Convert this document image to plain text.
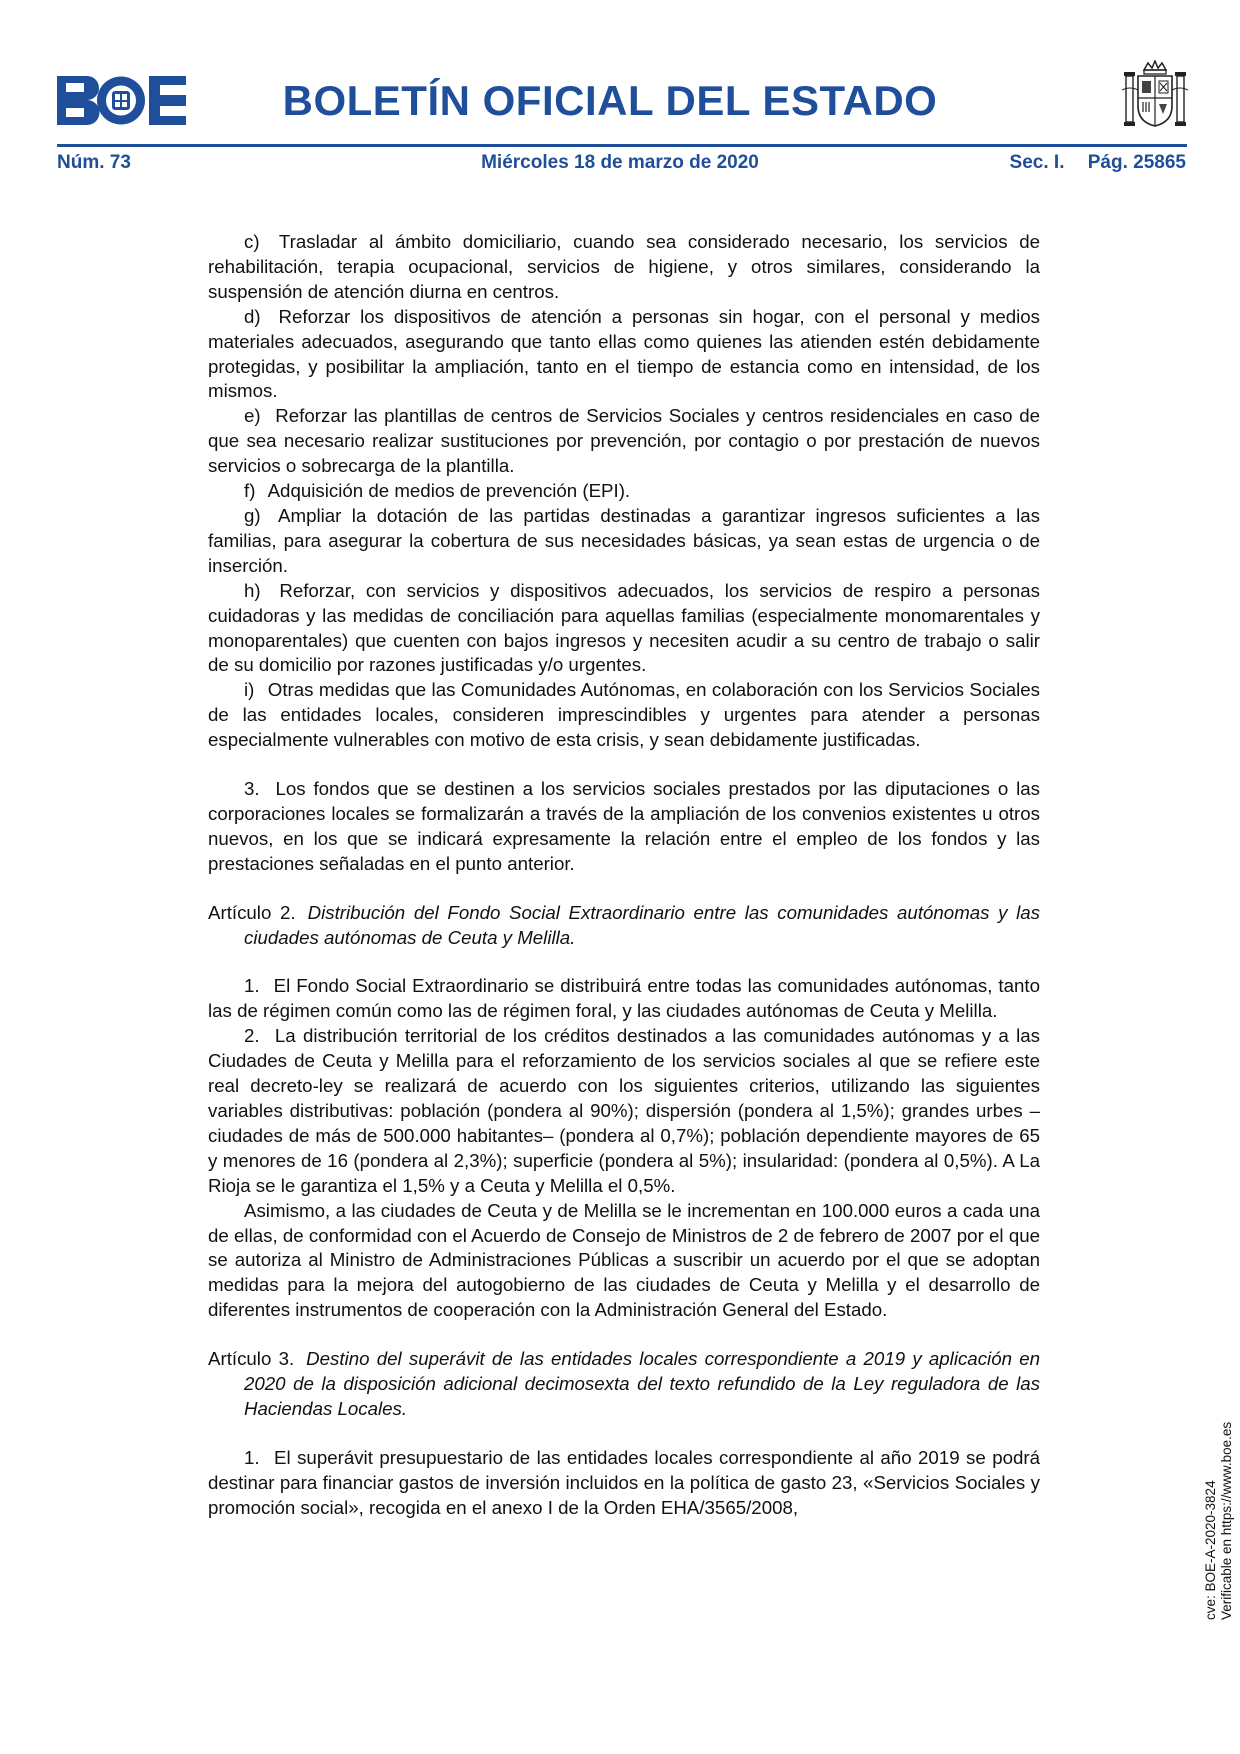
BOLETÍN OFICIAL DEL ESTADO
Núm. 73	Miércoles 18 de marzo de 2020	Sec. I. Pág. 25865

c) Trasladar al ámbito domiciliario, cuando sea considerado necesario, los servicios de rehabilitación, terapia ocupacional, servicios de higiene, y otros similares, considerando la suspensión de atención diurna en centros.

d) Reforzar los dispositivos de atención a personas sin hogar, con el personal y medios materiales adecuados, asegurando que tanto ellas como quienes las atienden estén debidamente protegidas, y posibilitar la ampliación, tanto en el tiempo de estancia como en intensidad, de los mismos.

e) Reforzar las plantillas de centros de Servicios Sociales y centros residenciales en caso de que sea necesario realizar sustituciones por prevención, por contagio o por prestación de nuevos servicios o sobrecarga de la plantilla.

f) Adquisición de medios de prevención (EPI).

g) Ampliar la dotación de las partidas destinadas a garantizar ingresos suficientes a las familias, para asegurar la cobertura de sus necesidades básicas, ya sean estas de urgencia o de inserción.

h) Reforzar, con servicios y dispositivos adecuados, los servicios de respiro a personas cuidadoras y las medidas de conciliación para aquellas familias (especialmente monomarentales y monoparentales) que cuenten con bajos ingresos y necesiten acudir a su centro de trabajo o salir de su domicilio por razones justificadas y/o urgentes.

i) Otras medidas que las Comunidades Autónomas, en colaboración con los Servicios Sociales de las entidades locales, consideren imprescindibles y urgentes para atender a personas especialmente vulnerables con motivo de esta crisis, y sean debidamente justificadas.

3. Los fondos que se destinen a los servicios sociales prestados por las diputaciones o las corporaciones locales se formalizarán a través de la ampliación de los convenios existentes u otros nuevos, en los que se indicará expresamente la relación entre el empleo de los fondos y las prestaciones señaladas en el punto anterior.

Artículo 2. Distribución del Fondo Social Extraordinario entre las comunidades autónomas y las ciudades autónomas de Ceuta y Melilla.

1. El Fondo Social Extraordinario se distribuirá entre todas las comunidades autónomas, tanto las de régimen común como las de régimen foral, y las ciudades autónomas de Ceuta y Melilla.

2. La distribución territorial de los créditos destinados a las comunidades autónomas y a las Ciudades de Ceuta y Melilla para el reforzamiento de los servicios sociales al que se refiere este real decreto-ley se realizará de acuerdo con los siguientes criterios, utilizando las siguientes variables distributivas: población (pondera al 90%); dispersión (pondera al 1,5%); grandes urbes –ciudades de más de 500.000 habitantes– (pondera al 0,7%); población dependiente mayores de 65 y menores de 16 (pondera al 2,3%); superficie (pondera al 5%); insularidad: (pondera al 0,5%). A La Rioja se le garantiza el 1,5% y a Ceuta y Melilla el 0,5%.

Asimismo, a las ciudades de Ceuta y de Melilla se le incrementan en 100.000 euros a cada una de ellas, de conformidad con el Acuerdo de Consejo de Ministros de 2 de febrero de 2007 por el que se autoriza al Ministro de Administraciones Públicas a suscribir un acuerdo por el que se adoptan medidas para la mejora del autogobierno de las ciudades de Ceuta y Melilla y el desarrollo de diferentes instrumentos de cooperación con la Administración General del Estado.

Artículo 3. Destino del superávit de las entidades locales correspondiente a 2019 y aplicación en 2020 de la disposición adicional decimosexta del texto refundido de la Ley reguladora de las Haciendas Locales.

1. El superávit presupuestario de las entidades locales correspondiente al año 2019 se podrá destinar para financiar gastos de inversión incluidos en la política de gasto 23, «Servicios Sociales y promoción social», recogida en el anexo I de la Orden EHA/3565/2008,	cve: BOE-A-2020-3824 Verificable en https://www.boe.es
